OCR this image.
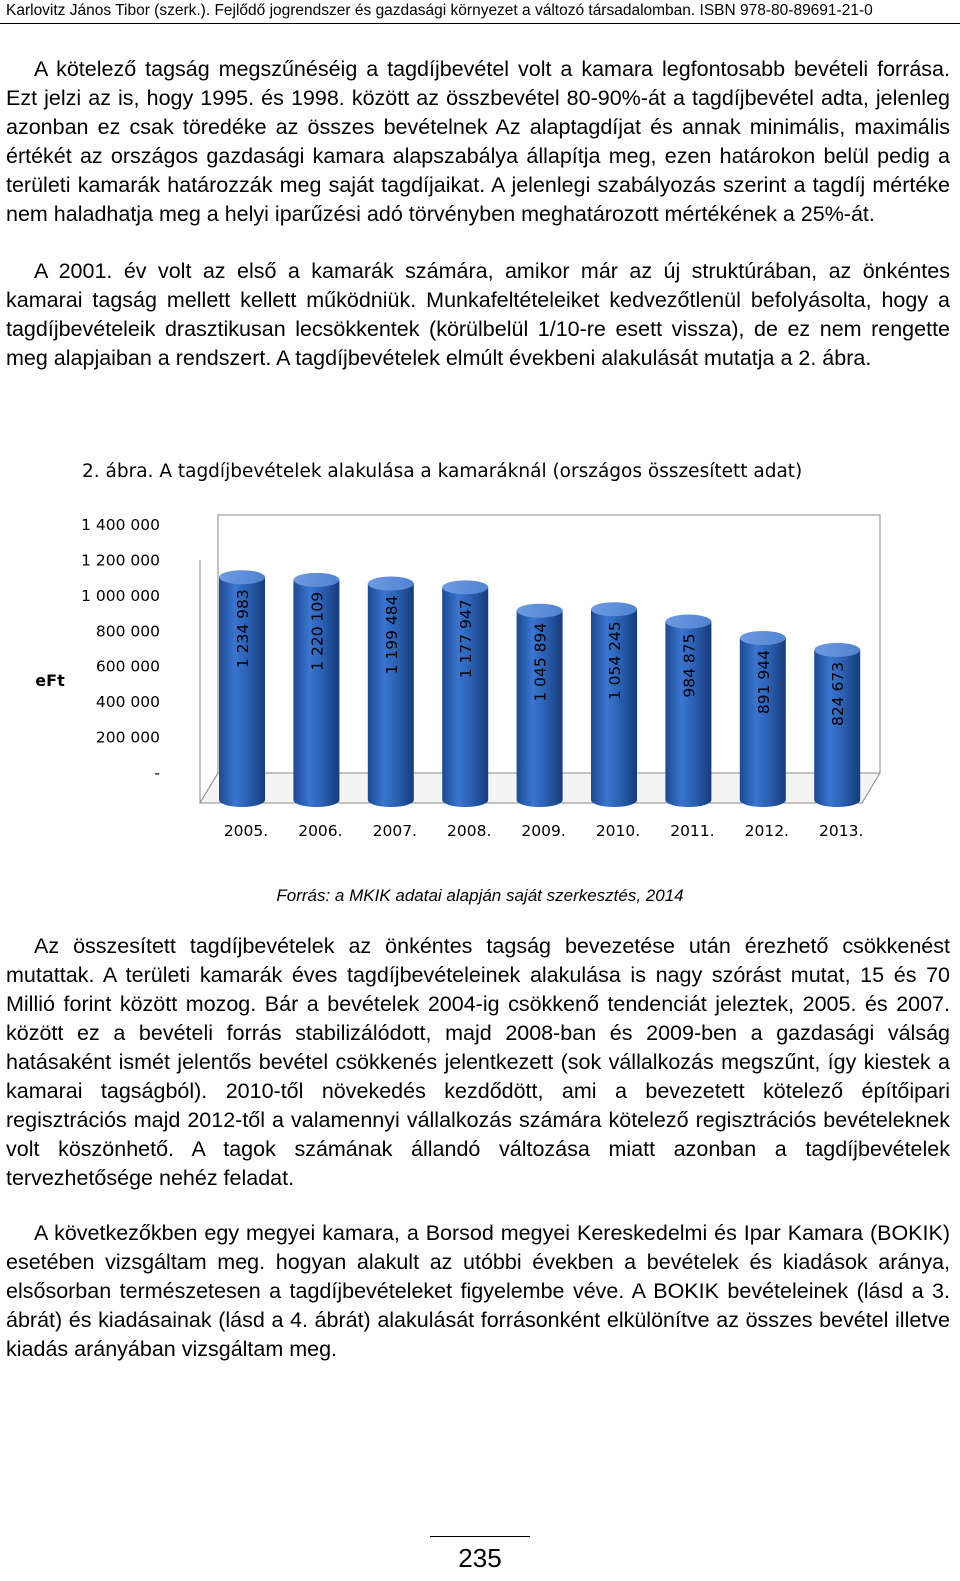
Karlovitz János Tibor (szerk.). Fejlődő jogrendszer és gazdasági környezet a változó társadalomban. ISBN 978-80-89691-21-0

A kötelező tagság megszűnéséig a tagdíjbevétel volt a kamara legfontosabb bevételi forrása. Ezt jelzi az is, hogy 1995. és 1998. között az összbevétel 80-90%-át a tagdíjbevétel adta, jelenleg azonban ez csak töredéke az összes bevételnek Az alaptagdíjat és annak minimális, maximális értékét az országos gazdasági kamara alapszabálya állapítja meg, ezen határokon belül pedig a területi kamarák határozzák meg saját tagdíjaikat. A jelenlegi szabályozás szerint a tagdíj mértéke nem haladhatja meg a helyi iparűzési adó törvényben meghatározott mértékének a 25%-át.

A 2001. év volt az első a kamarák számára, amikor már az új struktúrában, az önkéntes kamarai tagság mellett kellett működniük. Munkafeltételeiket kedvezőtlenül befolyásolta, hogy a tagdíjbevételeik drasztikusan lecsökkentek (körülbelül 1/10-re esett vissza), de ez nem rengette meg alapjaiban a rendszert. A tagdíjbevételek elmúlt évekbeni alakulását mutatja a 2. ábra.

2. ábra. A tagdíjbevételek alakulása a kamaráknál (országos összesített adat)
-
200 000
400 000
600 000
800 000
1 000 000
1 200 000
1 400 000
eFt
1 234 983	1 220 109	1 199 484	1 177 947	1 045 894	1 054 245	984 875	891 944	824 673
2005. 2006. 2007. 2008. 2009. 2010. 2011. 2012. 2013.
Forrás: a MKIK adatai alapján saját szerkesztés, 2014

Az összesített tagdíjbevételek az önkéntes tagság bevezetése után érezhető csökkenést mutattak. A területi kamarák éves tagdíjbevételeinek alakulása is nagy szórást mutat, 15 és 70 Millió forint között mozog. Bár a bevételek 2004-ig csökkenő tendenciát jeleztek, 2005. és 2007. között ez a bevételi forrás stabilizálódott, majd 2008-ban és 2009-ben a gazdasági válság hatásaként ismét jelentős bevétel csökkenés jelentkezett (sok vállalkozás megszűnt, így kiestek a kamarai tagságból). 2010-től növekedés kezdődött, ami a bevezetett kötelező építőipari regisztrációs majd 2012-től a valamennyi vállalkozás számára kötelező regisztrációs bevételeknek volt köszönhető. A tagok számának állandó változása miatt azonban a tagdíjbevételek tervezhetősége nehéz feladat.

A következőkben egy megyei kamara, a Borsod megyei Kereskedelmi és Ipar Kamara (BOKIK) esetében vizsgáltam meg. hogyan alakult az utóbbi években a bevételek és kiadások aránya, elsősorban természetesen a tagdíjbevételeket figyelembe véve. A BOKIK bevételeinek (lásd a 3. ábrát) és kiadásainak (lásd a 4. ábrát) alakulását forrásonként elkülönítve az összes bevétel illetve kiadás arányában vizsgáltam meg.

235
